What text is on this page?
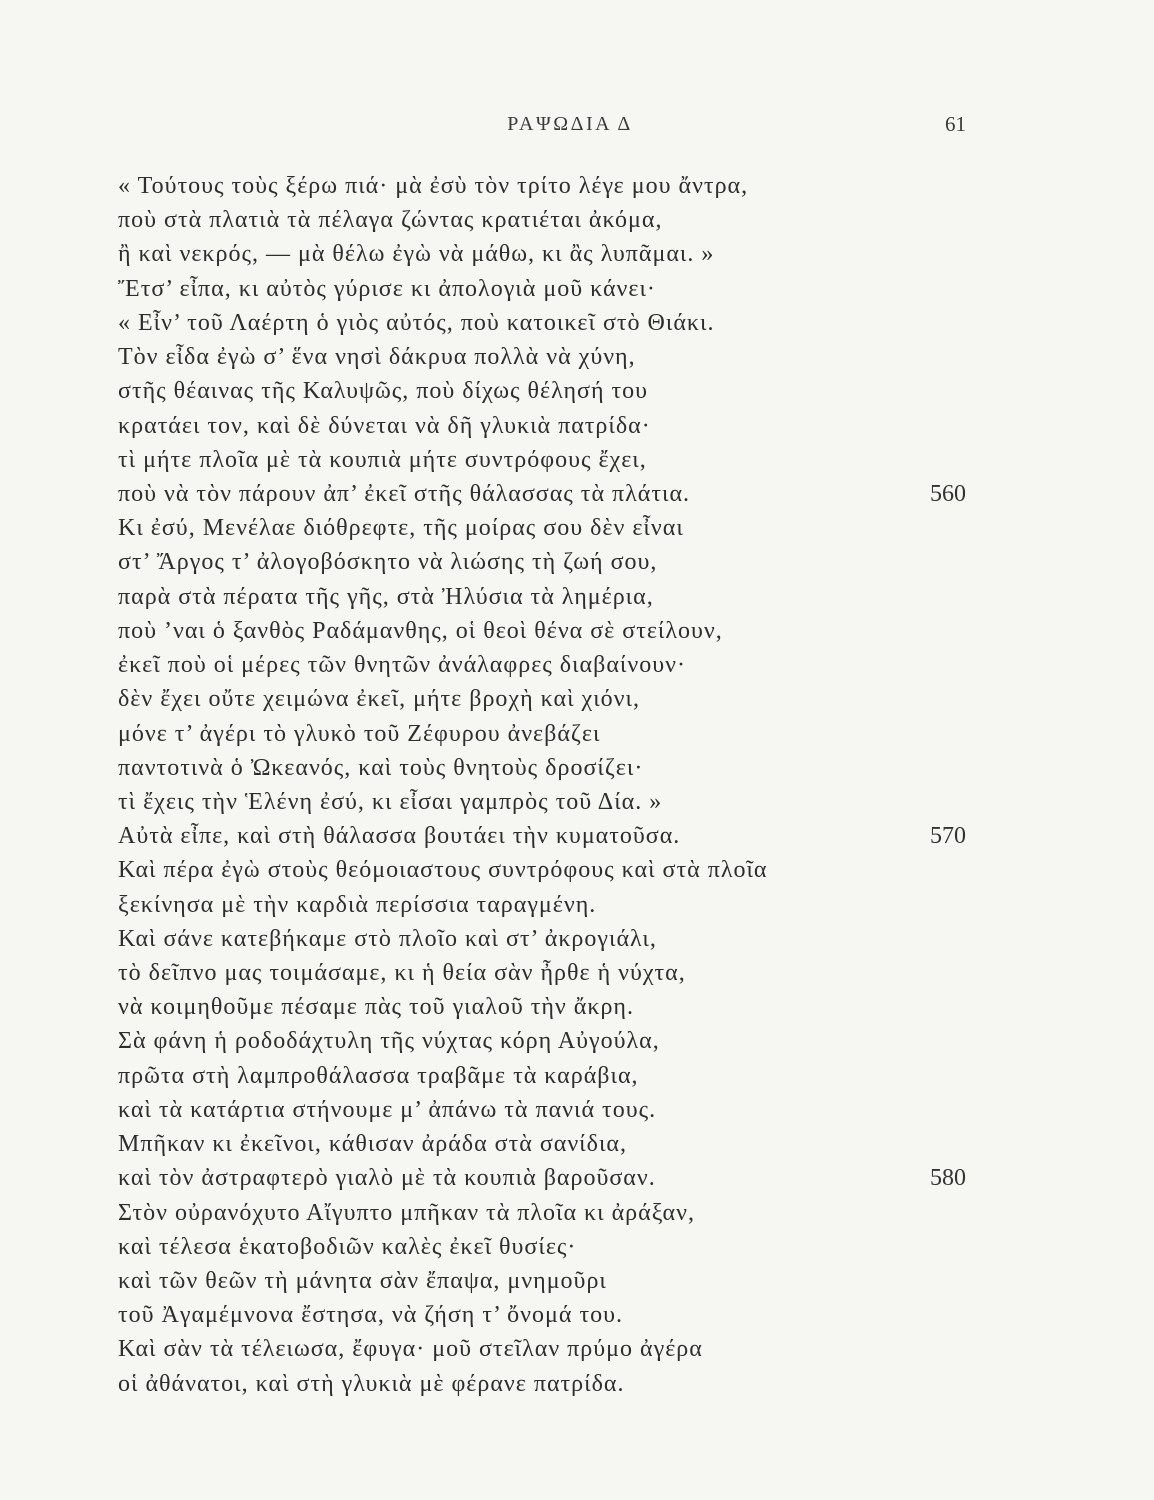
ΡΑΨΩΔΙΑ Δ	61
« Τούτους τοὺς ξέρω πιά· μὰ ἐσὺ τὸν τρίτο λέγε μου ἄντρα,
ποὺ στὰ πλατιὰ τὰ πέλαγα ζώντας κρατιέται ἀκόμα,
ἢ καὶ νεκρός, — μὰ θέλω ἐγὼ νὰ μάθω, κι ἂς λυπᾶμαι. »
Ἔτσ’ εἶπα, κι αὐτὸς γύρισε κι ἀπολογιὰ μοῦ κάνει·
« Εἶν’ τοῦ Λαέρτη ὁ γιὸς αὐτός, ποὺ κατοικεῖ στὸ Θιάκι.
Τὸν εἶδα ἐγὼ σ’ ἕνα νησὶ δάκρυα πολλὰ νὰ χύνη,
στῆς θέαινας τῆς Καλυψῶς, ποὺ δίχως θέλησή του
κρατάει τον, καὶ δὲ δύνεται νὰ δῆ γλυκιὰ πατρίδα·
τὶ μήτε πλοῖα μὲ τὰ κουπιὰ μήτε συντρόφους ἔχει,
ποὺ νὰ τὸν πάρουν ἀπ’ ἐκεῖ στῆς θάλασσας τὰ πλάτια.	560
Κι ἐσύ, Μενέλαε διόθρεφτε, τῆς μοίρας σου δὲν εἶναι
στ’ Ἄργος τ’ ἀλογοβόσκητο νὰ λιώσης τὴ ζωή σου,
παρὰ στὰ πέρατα τῆς γῆς, στὰ Ἠλύσια τὰ λημέρια,
ποὺ ’ναι ὁ ξανθὸς Ραδάμανθης, οἱ θεοὶ θένα σὲ στείλουν,
ἐκεῖ ποὺ οἱ μέρες τῶν θνητῶν ἀνάλαφρες διαβαίνουν·
δὲν ἔχει οὔτε χειμώνα ἐκεῖ, μήτε βροχὴ καὶ χιόνι,
μόνε τ’ ἀγέρι τὸ γλυκὸ τοῦ Ζέφυρου ἀνεβάζει
παντοτινὰ ὁ Ὠκεανός, καὶ τοὺς θνητοὺς δροσίζει·
τὶ ἔχεις τὴν Ἑλένη ἐσύ, κι εἶσαι γαμπρὸς τοῦ Δία. »
Αὐτὰ εἶπε, καὶ στὴ θάλασσα βουτάει τὴν κυματοῦσα.	570
Καὶ πέρα ἐγὼ στοὺς θεόμοιαστους συντρόφους καὶ στὰ πλοῖα
ξεκίνησα μὲ τὴν καρδιὰ περίσσια ταραγμένη.
Καὶ σάνε κατεβήκαμε στὸ πλοῖο καὶ στ’ ἀκρογιάλι,
τὸ δεῖπνο μας τοιμάσαμε, κι ἡ θεία σὰν ἦρθε ἡ νύχτα,
νὰ κοιμηθοῦμε πέσαμε πὰς τοῦ γιαλοῦ τὴν ἄκρη.
Σὰ φάνη ἡ ροδοδάχτυλη τῆς νύχτας κόρη Αὐγούλα,
πρῶτα στὴ λαμπροθάλασσα τραβᾶμε τὰ καράβια,
καὶ τὰ κατάρτια στήνουμε μ’ ἀπάνω τὰ πανιά τους.
Μπῆκαν κι ἐκεῖνοι, κάθισαν ἀράδα στὰ σανίδια,
καὶ τὸν ἀστραφτερὸ γιαλὸ μὲ τὰ κουπιὰ βαροῦσαν.	580
Στὸν οὐρανόχυτο Αἴγυπτο μπῆκαν τὰ πλοῖα κι ἀράξαν,
καὶ τέλεσα ἑκατοβοδιῶν καλὲς ἐκεῖ θυσίες·
καὶ τῶν θεῶν τὴ μάνητα σὰν ἔπαψα, μνημοῦρι
τοῦ Ἀγαμέμνονα ἔστησα, νὰ ζήση τ’ ὄνομά του.
Καὶ σὰν τὰ τέλειωσα, ἔφυγα· μοῦ στεῖλαν πρύμο ἀγέρα
οἱ ἀθάνατοι, καὶ στὴ γλυκιὰ μὲ φέρανε πατρίδα.
